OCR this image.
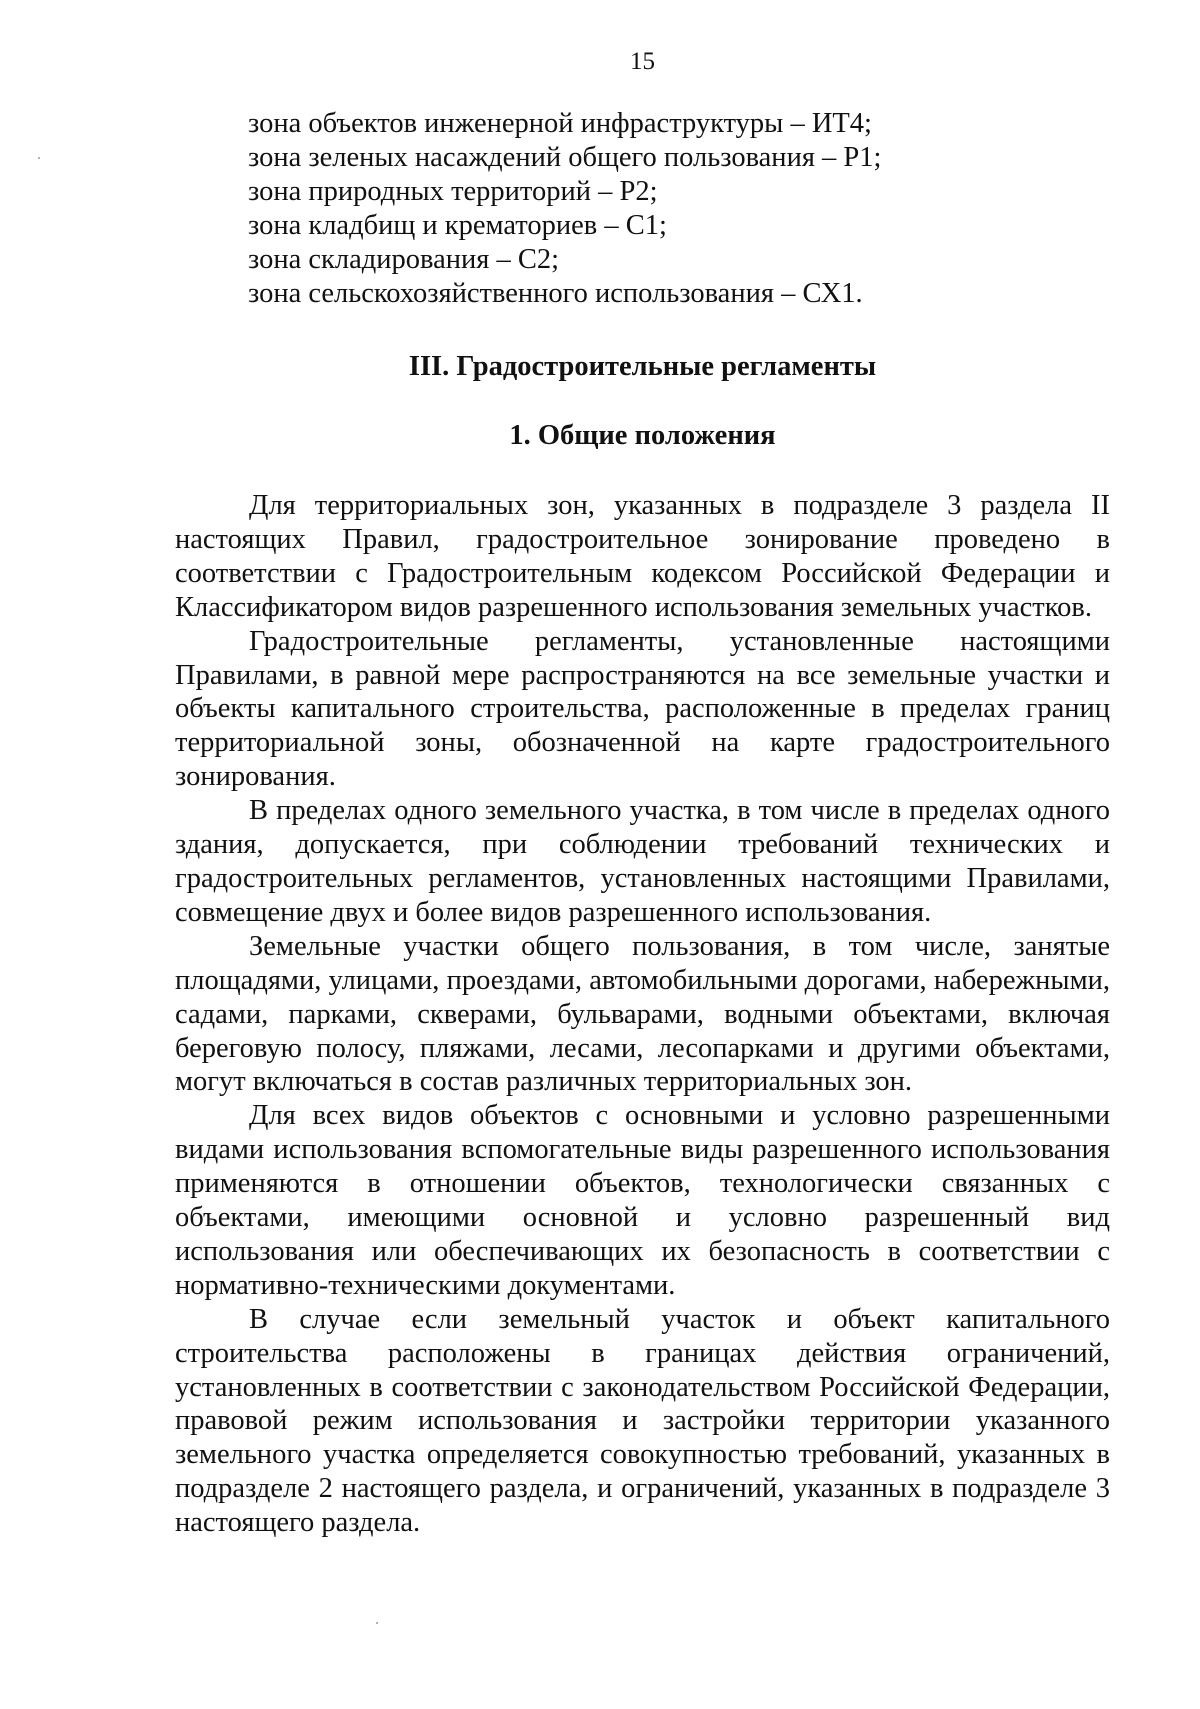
15
зона объектов инженерной инфраструктуры – ИТ4;
зона зеленых насаждений общего пользования – Р1;
зона природных территорий – Р2;
зона кладбищ и крематориев – С1;
зона складирования – С2;
зона сельскохозяйственного использования – СХ1.
III. Градостроительные регламенты
1. Общие положения

Для территориальных зон, указанных в подразделе 3 раздела II настоящих Правил, градостроительное зонирование проведено в соответствии с Градостроительным кодексом Российской Федерации и Классификатором видов разрешенного использования земельных участков.

Градостроительные регламенты, установленные настоящими Правилами, в равной мере распространяются на все земельные участки и объекты капитального строительства, расположенные в пределах границ территориальной зоны, обозначенной на карте градостроительного зонирования.

В пределах одного земельного участка, в том числе в пределах одного здания, допускается, при соблюдении требований технических и градостроительных регламентов, установленных настоящими Правилами, совмещение двух и более видов разрешенного использования.

Земельные участки общего пользования, в том числе, занятые площадями, улицами, проездами, автомобильными дорогами, набережными, садами, парками, скверами, бульварами, водными объектами, включая береговую полосу, пляжами, лесами, лесопарками и другими объектами, могут включаться в состав различных территориальных зон.

Для всех видов объектов с основными и условно разрешенными видами использования вспомогательные виды разрешенного использования применяются в отношении объектов, технологически связанных с объектами, имеющими основной и условно разрешенный вид использования или обеспечивающих их безопасность в соответствии с нормативно-техническими документами.

В случае если земельный участок и объект капитального строительства расположены в границах действия ограничений, установленных в соответствии с законодательством Российской Федерации, правовой режим использования и застройки территории указанного земельного участка определяется совокупностью требований, указанных в подразделе 2 настоящего раздела, и ограничений, указанных в подразделе 3 настоящего раздела.
